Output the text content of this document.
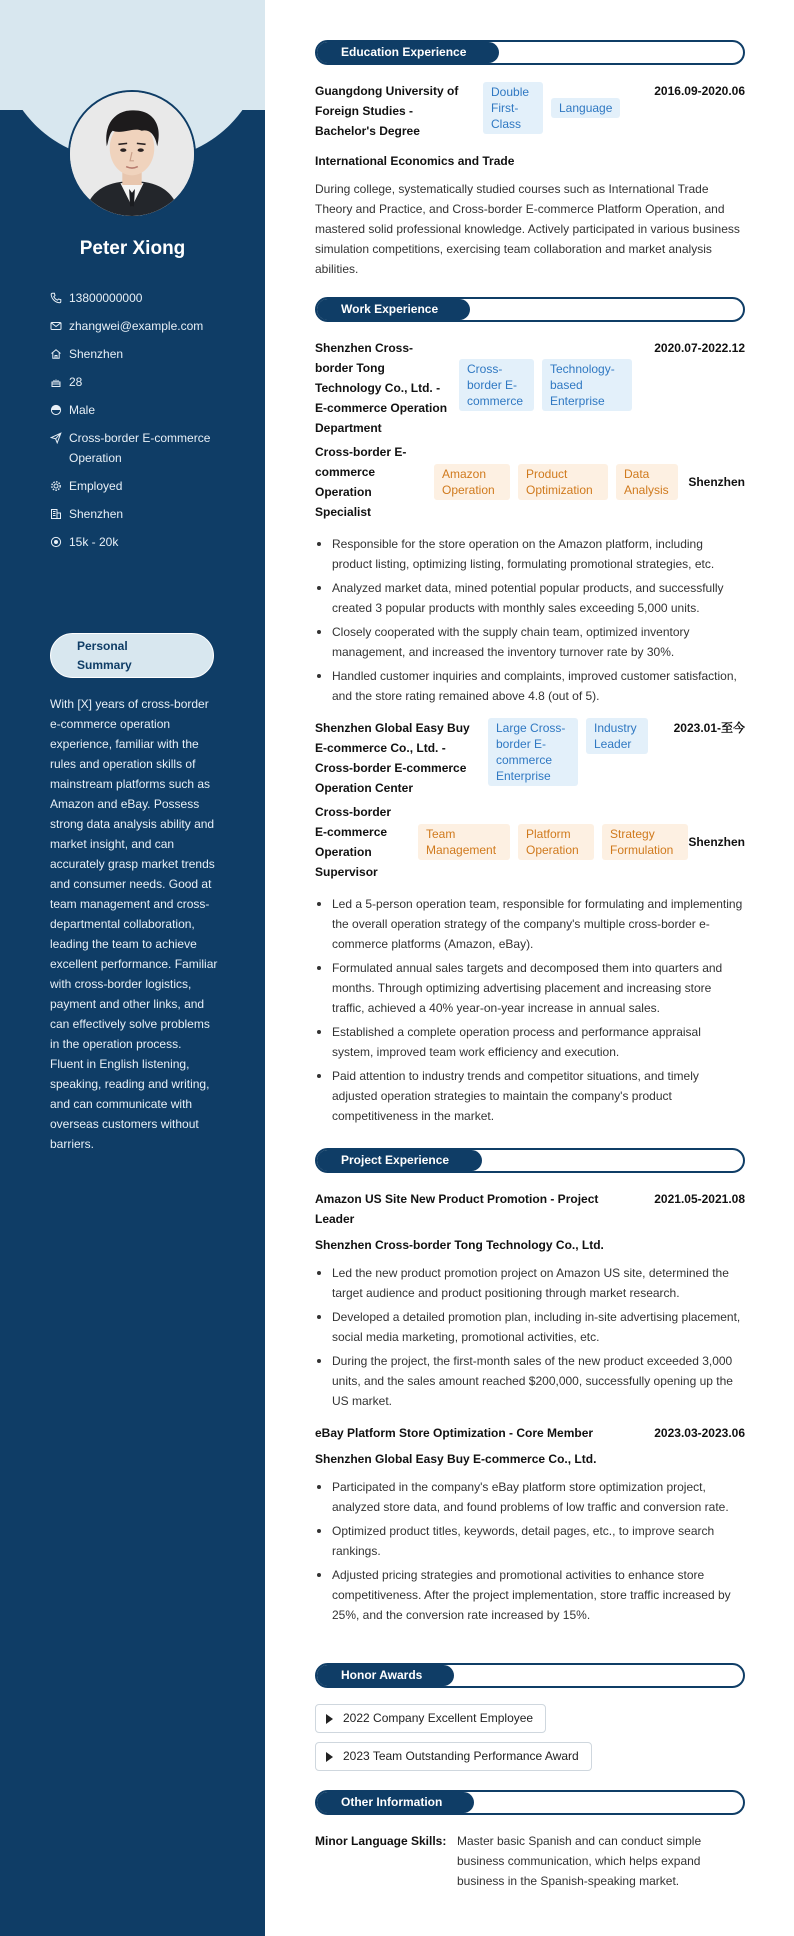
Peter Xiong
13800000000
zhangwei@example.com
Shenzhen
28
Male
Cross-border E-commerce Operation
Employed
Shenzhen
15k - 20k
Personal Summary
With [X] years of cross-border e-commerce operation experience, familiar with the rules and operation skills of mainstream platforms such as Amazon and eBay. Possess strong data analysis ability and market insight, and can accurately grasp market trends and consumer needs. Good at team management and cross-departmental collaboration, leading the team to achieve excellent performance. Familiar with cross-border logistics, payment and other links, and can effectively solve problems in the operation process. Fluent in English listening, speaking, reading and writing, and can communicate with overseas customers without barriers.
Education Experience
Guangdong University of Foreign Studies - Bachelor's Degree
Double First-Class
Language
2016.09-2020.06
International Economics and Trade
During college, systematically studied courses such as International Trade Theory and Practice, and Cross-border E-commerce Platform Operation, and mastered solid professional knowledge. Actively participated in various business simulation competitions, exercising team collaboration and market analysis abilities.
Work Experience
Shenzhen Cross-border Tong Technology Co., Ltd. - E-commerce Operation Department
Cross-border E-commerce
Technology-based Enterprise
2020.07-2022.12
Cross-border E-commerce Operation Specialist
Amazon Operation
Product Optimization
Data Analysis
Shenzhen
Responsible for the store operation on the Amazon platform, including product listing, optimizing listing, formulating promotional strategies, etc.
Analyzed market data, mined potential popular products, and successfully created 3 popular products with monthly sales exceeding 5,000 units.
Closely cooperated with the supply chain team, optimized inventory management, and increased the inventory turnover rate by 30%.
Handled customer inquiries and complaints, improved customer satisfaction, and the store rating remained above 4.8 (out of 5).
Shenzhen Global Easy Buy E-commerce Co., Ltd. - Cross-border E-commerce Operation Center
Large Cross-border E-commerce Enterprise
Industry Leader
2023.01-至今
Cross-border E-commerce Operation Supervisor
Team Management
Platform Operation
Strategy Formulation
Shenzhen
Led a 5-person operation team, responsible for formulating and implementing the overall operation strategy of the company's multiple cross-border e-commerce platforms (Amazon, eBay).
Formulated annual sales targets and decomposed them into quarters and months. Through optimizing advertising placement and increasing store traffic, achieved a 40% year-on-year increase in annual sales.
Established a complete operation process and performance appraisal system, improved team work efficiency and execution.
Paid attention to industry trends and competitor situations, and timely adjusted operation strategies to maintain the company's product competitiveness in the market.
Project Experience
Amazon US Site New Product Promotion - Project Leader
2021.05-2021.08
Shenzhen Cross-border Tong Technology Co., Ltd.
Led the new product promotion project on Amazon US site, determined the target audience and product positioning through market research.
Developed a detailed promotion plan, including in-site advertising placement, social media marketing, promotional activities, etc.
During the project, the first-month sales of the new product exceeded 3,000 units, and the sales amount reached $200,000, successfully opening up the US market.
eBay Platform Store Optimization - Core Member	2023.03-2023.06
Shenzhen Global Easy Buy E-commerce Co., Ltd.
Participated in the company's eBay platform store optimization project, analyzed store data, and found problems of low traffic and conversion rate.
Optimized product titles, keywords, detail pages, etc., to improve search rankings.
Adjusted pricing strategies and promotional activities to enhance store competitiveness. After the project implementation, store traffic increased by 25%, and the conversion rate increased by 15%.
Honor Awards
2022 Company Excellent Employee
2023 Team Outstanding Performance Award
Other Information
Minor Language Skills: Master basic Spanish and can conduct simple business communication, which helps expand business in the Spanish-speaking market.
